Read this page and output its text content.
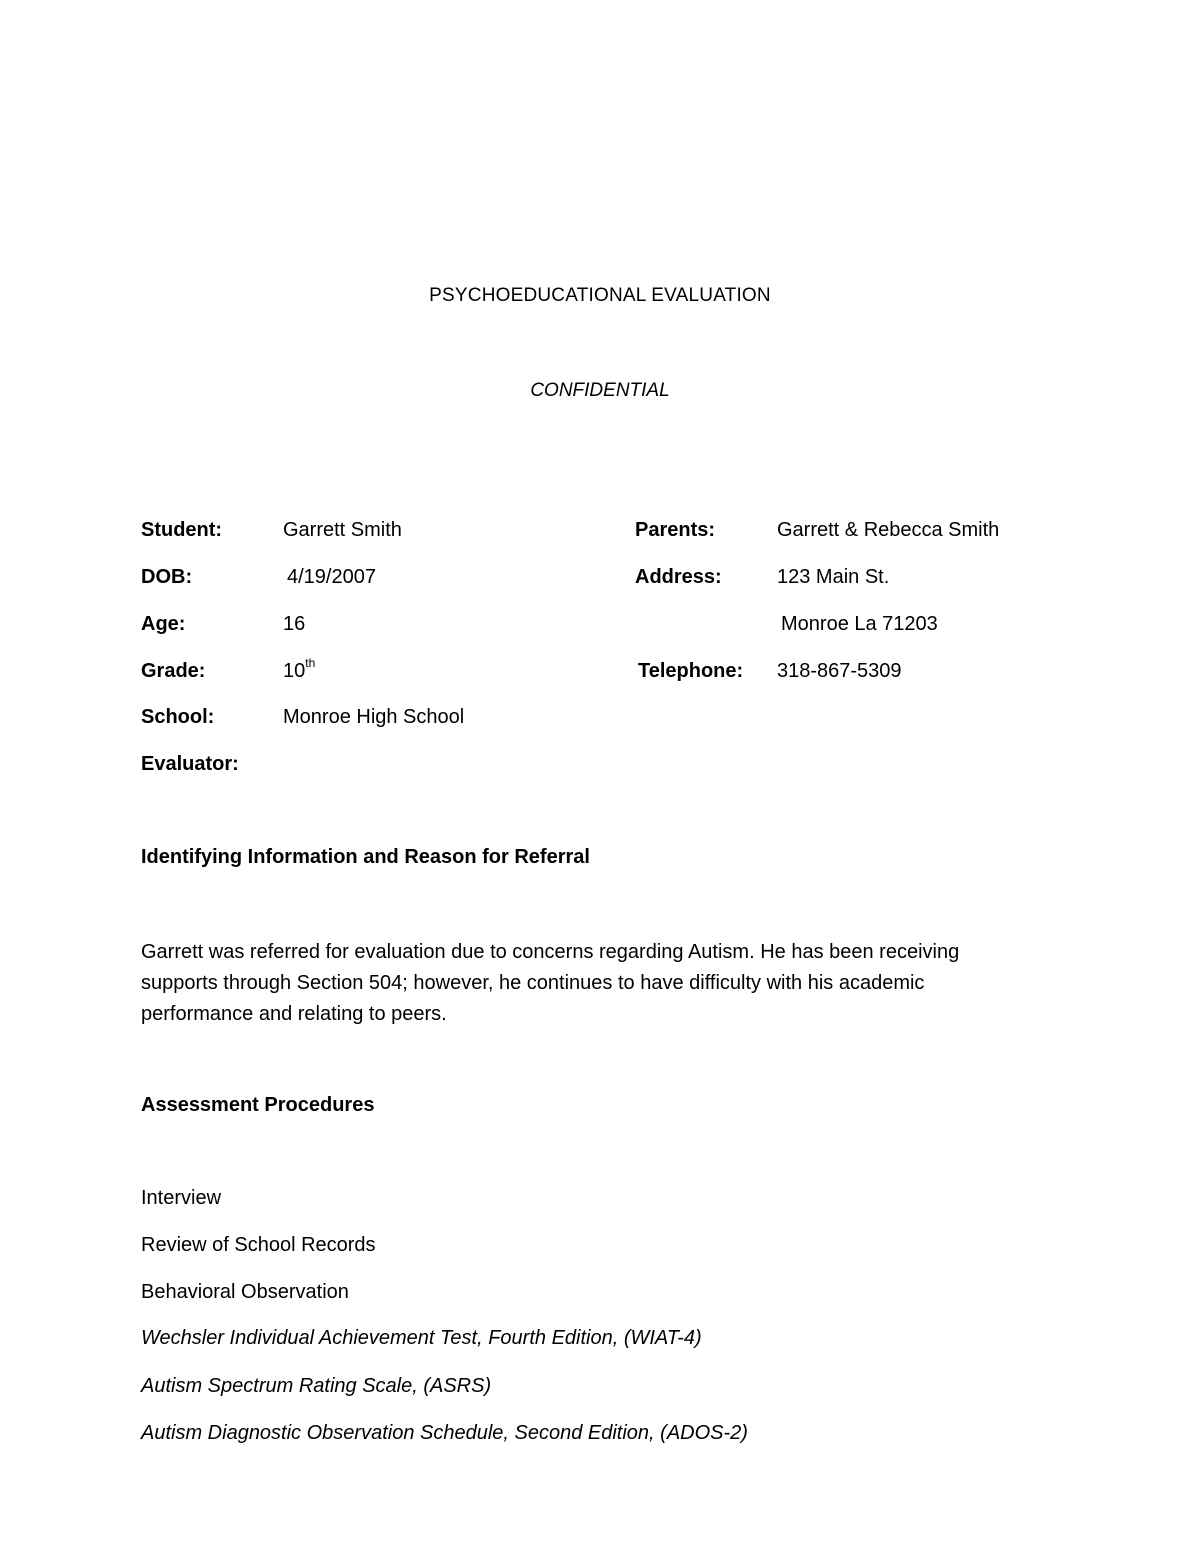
PSYCHOEDUCATIONAL EVALUATION
CONFIDENTIAL
Student:	Garrett Smith
DOB:	4/19/2007
Age:	16
Grade:	10th
School:	Monroe High School
Evaluator:
Parents:	Garrett & Rebecca Smith
Address:	123 Main St.
Monroe La 71203
Telephone: 318-867-5309
Identifying Information and Reason for Referral
Garrett was referred for evaluation due to concerns regarding Autism. He has been receiving supports through Section 504; however, he continues to have difficulty with his academic performance and relating to peers.
Assessment Procedures
Interview
Review of School Records
Behavioral Observation
Wechsler Individual Achievement Test, Fourth Edition, (WIAT-4)
Autism Spectrum Rating Scale, (ASRS)
Autism Diagnostic Observation Schedule, Second Edition, (ADOS-2)
